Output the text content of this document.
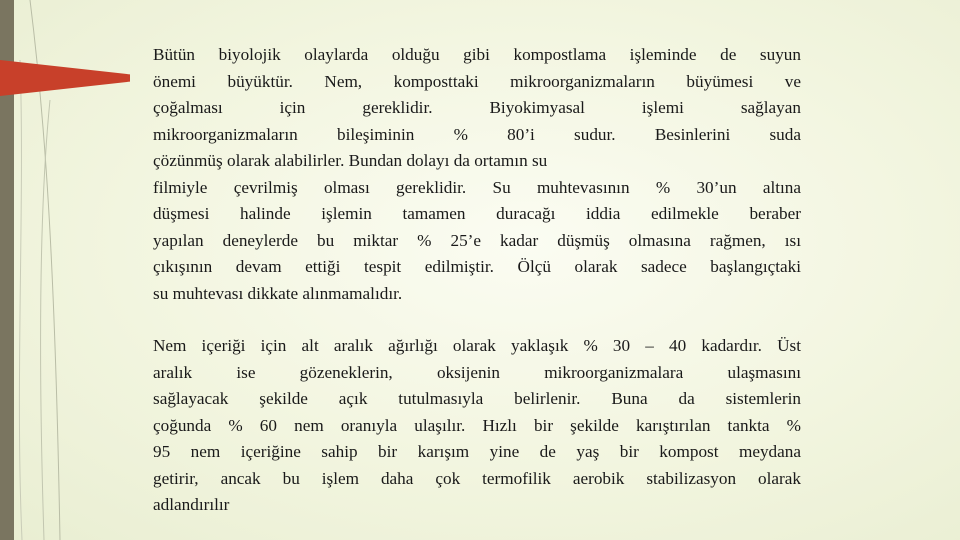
Bütün biyolojik olaylarda olduğu gibi kompostlama işleminde de suyun
önemi büyüktür. Nem, komposttaki mikroorganizmaların büyümesi ve
çoğalması için gereklidir. Biyokimyasal işlemi sağlayan
mikroorganizmaların bileşiminin % 80’i sudur. Besinlerini suda
çözünmüş olarak alabilirler. Bundan dolayı da ortamın su
filmiyle çevrilmiş olması gereklidir. Su muhtevasının % 30’un altına
düşmesi halinde işlemin tamamen duracağı iddia edilmekle beraber
yapılan deneylerde bu miktar % 25’e kadar düşmüş olmasına rağmen, ısı
çıkışının devam ettiği tespit edilmiştir. Ölçü olarak sadece başlangıçtaki
su muhtevası dikkate alınmamalıdır.

Nem içeriği için alt aralık ağırlığı olarak yaklaşık % 30 – 40 kadardır. Üst
aralık ise gözeneklerin, oksijenin mikroorganizmalara ulaşmasını
sağlayacak şekilde açık tutulmasıyla belirlenir. Buna da sistemlerin
çoğunda % 60 nem oranıyla ulaşılır. Hızlı bir şekilde karıştırılan tankta %
95 nem içeriğine sahip bir karışım yine de yaş bir kompost meydana
getirir, ancak bu işlem daha çok termofilik aerobik stabilizasyon olarak
adlandırılır
